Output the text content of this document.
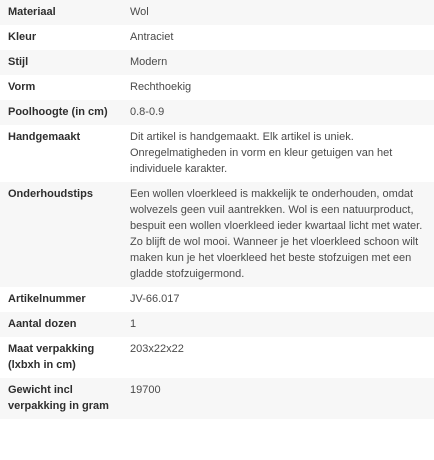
Materiaal	Wol
Kleur	Antraciet
Stijl	Modern
Vorm	Rechthoekig
Poolhoogte (in cm)	0.8-0.9
Handgemaakt	Dit artikel is handgemaakt. Elk artikel is uniek. Onregelmatigheden in vorm en kleur getuigen van het individuele karakter.
Onderhoudstips	Een wollen vloerkleed is makkelijk te onderhouden, omdat wolvezels geen vuil aantrekken. Wol is een natuurproduct, bespuit een wollen vloerkleed ieder kwartaal licht met water. Zo blijft de wol mooi. Wanneer je het vloerkleed schoon wilt maken kun je het vloerkleed het beste stofzuigen met een gladde stofzuigermond.
Artikelnummer	JV-66.017
Aantal dozen	1
Maat verpakking (lxbxh in cm)	203x22x22
Gewicht incl verpakking in gram	19700
